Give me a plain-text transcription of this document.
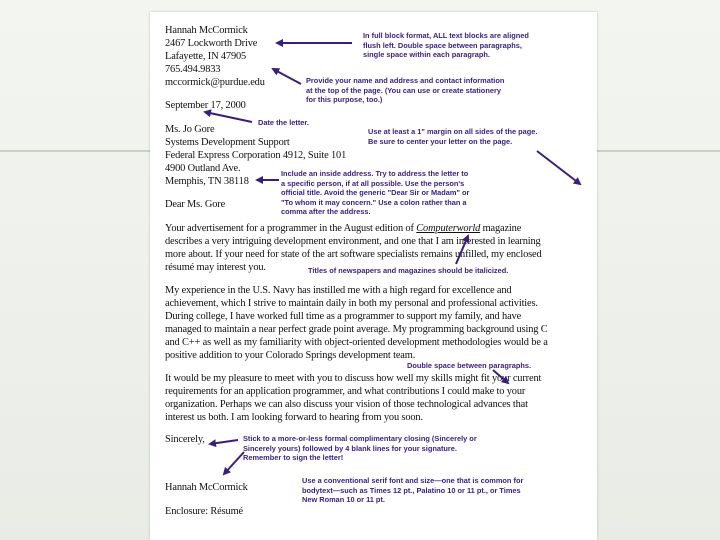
Hannah McCormick
2467 Lockworth Drive
Lafayette, IN 47905
765.494.9833
mccormick@purdue.edu
September 17, 2000
Ms. Jo Gore
Systems Development Support
Federal Express Corporation 4912, Suite 101
4900 Outland Ave.
Memphis, TN 38118
Dear Ms. Gore
Your advertisement for a programmer in the August edition of Computerworld magazine
describes a very intriguing development environment, and one that I am interested in learning
more about. If your need for state of the art software specialists remains unfilled, my enclosed
résumé may interest you.
My experience in the U.S. Navy has instilled me with a high regard for excellence and
achievement, which I strive to maintain daily in both my personal and professional activities.
During college, I have worked full time as a programmer to support my family, and have
managed to maintain a near perfect grade point average. My programming background using C
and C++ as well as my familiarity with object-oriented development methodologies would be a
positive addition to your Colorado Springs development team.
It would be my pleasure to meet with you to discuss how well my skills might fit your current
requirements for an application programmer, and what contributions I could make to your
organization. Perhaps we can also discuss your vision of those technological advances that
interest us both. I am looking forward to hearing from you soon.
Sincerely,
Hannah McCormick
Enclosure: Résumé
In full block format, ALL text blocks are aligned
flush left. Double space between paragraphs,
single space within each paragraph.
Provide your name and address and contact information
at the top of the page. (You can use or create stationery
for this purpose, too.)
Date the letter.
Use at least a 1" margin on all sides of the page.
Be sure to center your letter on the page.
Include an inside address. Try to address the letter to
a specific person, if at all possible. Use the person's
official title. Avoid the generic "Dear Sir or Madam" or
"To whom it may concern." Use a colon rather than a
comma after the address.
Titles of newspapers and magazines should be italicized.
Double space between paragraphs.
Stick to a more-or-less formal complimentary closing (Sincerely or
Sincerely yours) followed by 4 blank lines for your signature.
Remember to sign the letter!
Use a conventional serif font and size—one that is common for
bodytext—such as Times 12 pt., Palatino 10 or 11 pt., or Times
New Roman 10 or 11 pt.
